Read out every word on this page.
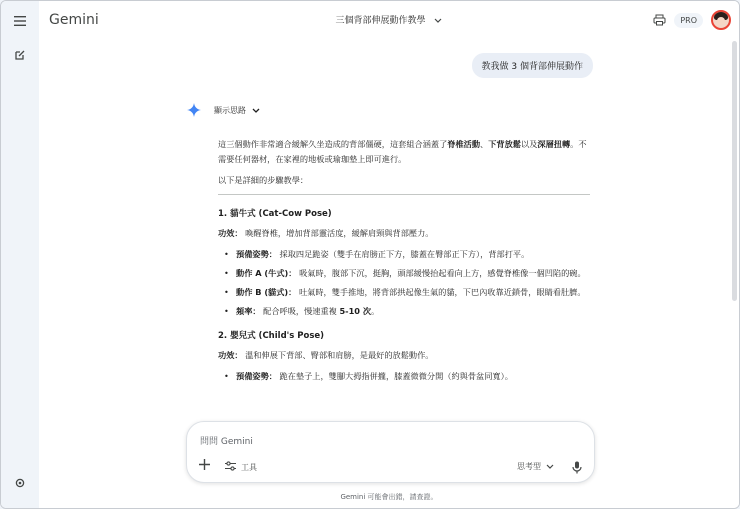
Gemini	三個背部伸展動作教學	PRO
教我做 3 個背部伸展動作
顯示思路

這三個動作非常適合緩解久坐造成的背部僵硬，這套組合涵蓋了脊椎活動、下背放鬆以及深層扭轉。不需要任何器材，在家裡的地板或瑜珈墊上即可進行。

以下是詳細的步驟教學：

1. 貓牛式 (Cat-Cow Pose)

功效： 喚醒脊椎，增加背部靈活度，緩解肩頸與背部壓力。

• 預備姿勢： 採取四足跪姿（雙手在肩膀正下方，膝蓋在臀部正下方），背部打平。
• 動作 A (牛式)： 吸氣時，腹部下沉，挺胸，頭部緩慢抬起看向上方，感覺脊椎像一個凹陷的碗。
• 動作 B (貓式)： 吐氣時，雙手推地，將背部拱起像生氣的貓，下巴內收靠近鎖骨，眼睛看肚臍。
• 頻率： 配合呼吸，慢速重複 5-10 次。
2. 嬰兒式 (Child's Pose)

功效： 溫和伸展下背部、臀部和肩膀，是最好的放鬆動作。

• 預備姿勢： 跪在墊子上，雙腳大拇指併攏，膝蓋微微分開（約與骨盆同寬）。
問問 Gemini
工具	思考型
Gemini 可能會出錯，請查證。
